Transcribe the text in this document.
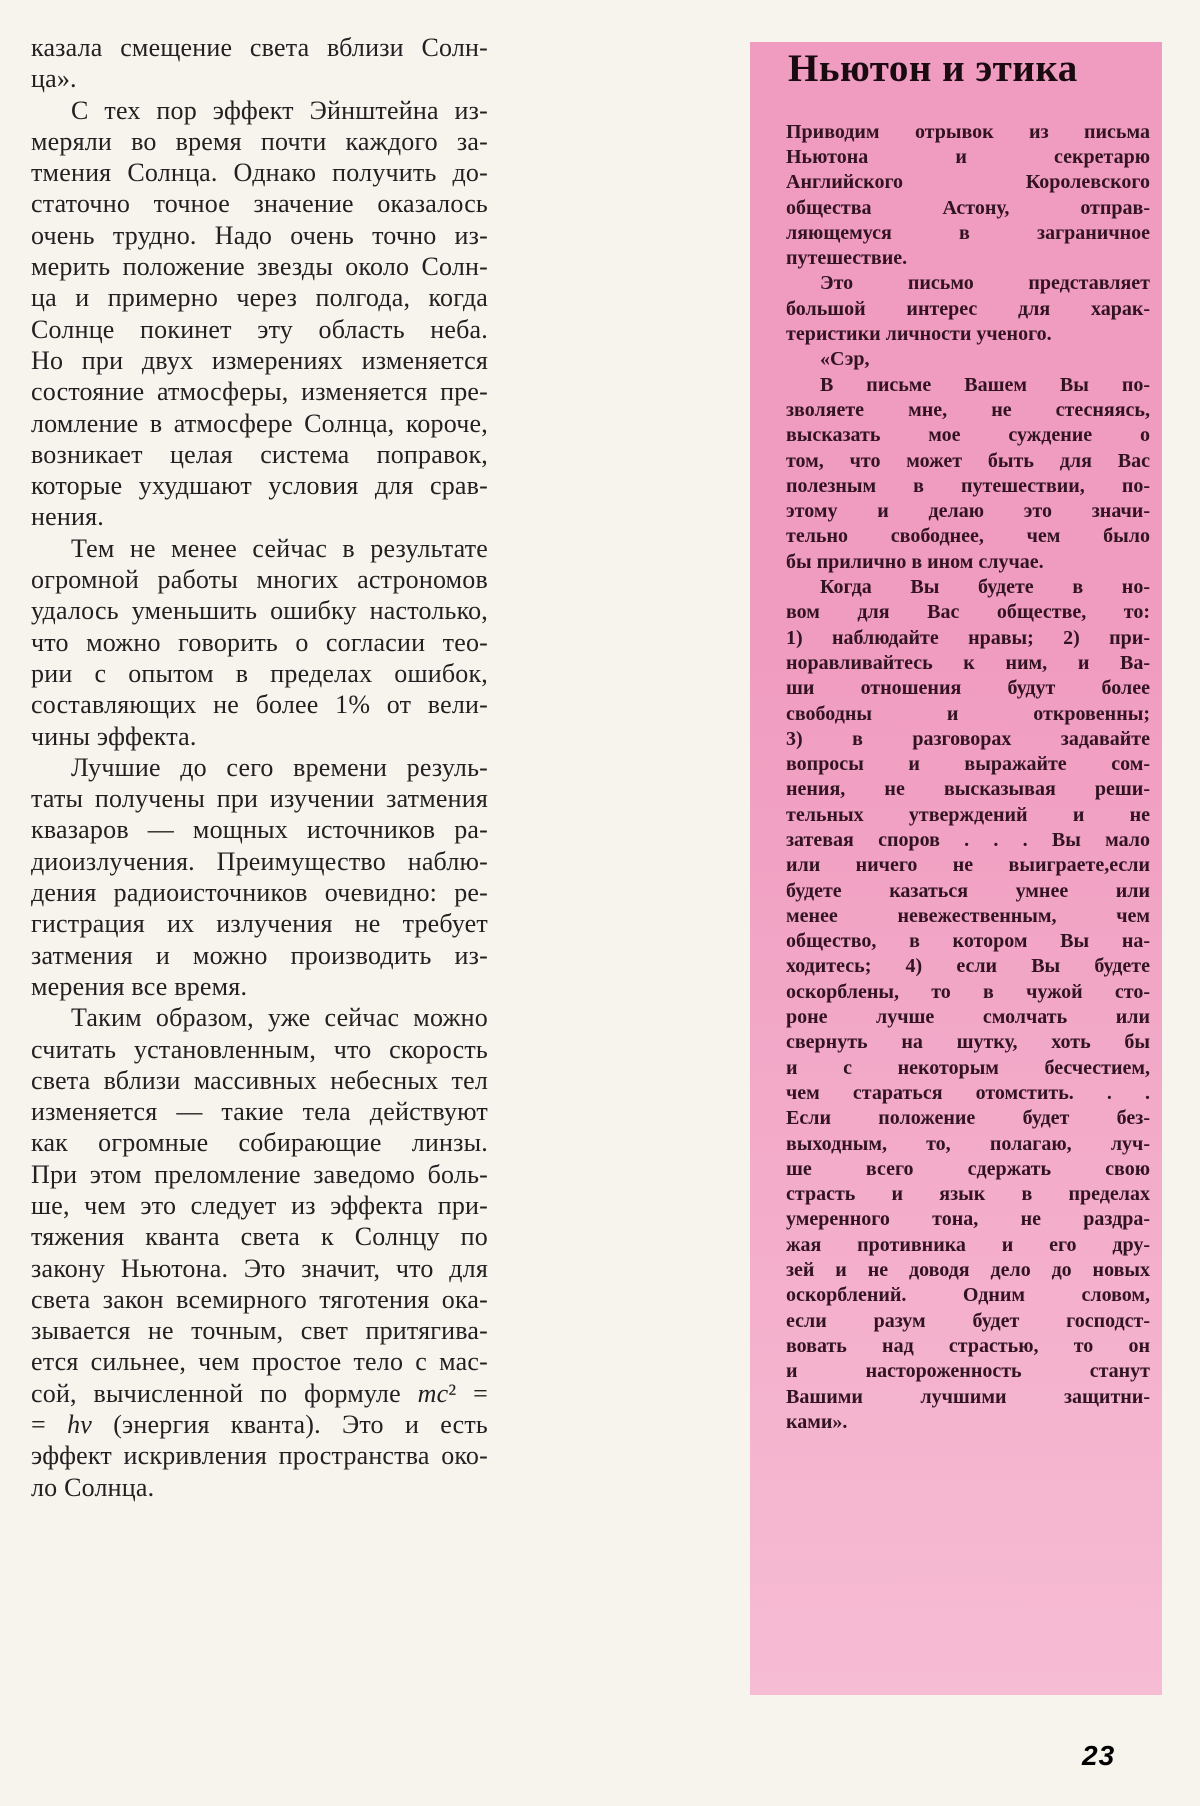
казала смещение света вблизи Солн-
ца».
С тех пор эффект Эйнштейна из-
меряли во время почти каждого за-
тмения Солнца. Однако получить до-
статочно точное значение оказалось
очень трудно. Надо очень точно из-
мерить положение звезды около Солн-
ца и примерно через полгода, когда
Солнце покинет эту область неба.
Но при двух измерениях изменяется
состояние атмосферы, изменяется пре-
ломление в атмосфере Солнца, короче,
возникает целая система поправок,
которые ухудшают условия для срав-
нения.
Тем не менее сейчас в результате
огромной работы многих астрономов
удалось уменьшить ошибку настолько,
что можно говорить о согласии тео-
рии с опытом в пределах ошибок,
составляющих не более 1% от вели-
чины эффекта.
Лучшие до сего времени резуль-
таты получены при изучении затмения
квазаров — мощных источников ра-
диоизлучения. Преимущество наблю-
дения радиоисточников очевидно: ре-
гистрация их излучения не требует
затмения и можно производить из-
мерения все время.
Таким образом, уже сейчас можно
считать установленным, что скорость
света вблизи массивных небесных тел
изменяется — такие тела действуют
как огромные собирающие линзы.
При этом преломление заведомо боль-
ше, чем это следует из эффекта при-
тяжения кванта света к Солнцу по
закону Ньютона. Это значит, что для
света закон всемирного тяготения ока-
зывается не точным, свет притягива-
ется сильнее, чем простое тело с мас-
сой, вычисленной по формуле mc² =
= hν (энергия кванта). Это и есть
эффект искривления пространства око-
ло Солнца.
Ньютон и этика
Приводим отрывок из письма
Ньютона и секретарю
Английского Королевского
общества Астону, отправ-
ляющемуся в заграничное
путешествие.
Это письмо представляет
большой интерес для харак-
теристики личности ученого.
«Сэр,
В письме Вашем Вы по-
зволяете мне, не стесняясь,
высказать мое суждение о
том, что может быть для Вас
полезным в путешествии, по-
этому и делаю это значи-
тельно свободнее, чем было
бы прилично в ином случае.
Когда Вы будете в но-
вом для Вас обществе, то:
1) наблюдайте нравы; 2) при-
норавливайтесь к ним, и Ва-
ши отношения будут более
свободны и откровенны;
3) в разговорах задавайте
вопросы и выражайте сом-
нения, не высказывая реши-
тельных утверждений и не
затевая споров . . . Вы мало
или ничего не выиграете,если
будете казаться умнее или
менее невежественным, чем
общество, в котором Вы на-
ходитесь; 4) если Вы будете
оскорблены, то в чужой сто-
роне лучше смолчать или
свернуть на шутку, хоть бы
и с некоторым бесчестием,
чем стараться отомстить. . .
Если положение будет без-
выходным, то, полагаю, луч-
ше всего сдержать свою
страсть и язык в пределах
умеренного тона, не раздра-
жая противника и его дру-
зей и не доводя дело до новых
оскорблений. Одним словом,
если разум будет господст-
вовать над страстью, то он
и настороженность станут
Вашими лучшими защитни-
ками».
23
